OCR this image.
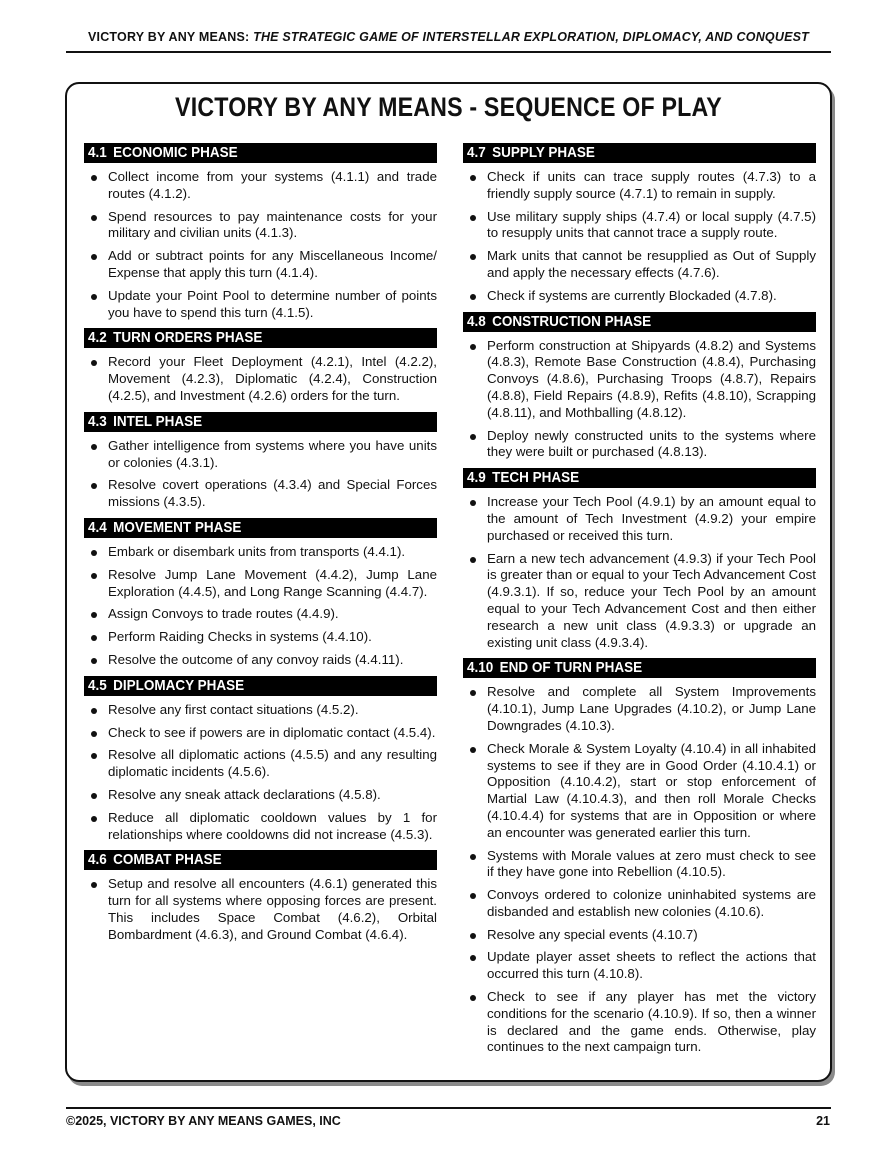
VICTORY BY ANY MEANS: THE STRATEGIC GAME OF INTERSTELLAR EXPLORATION, DIPLOMACY, AND CONQUEST
VICTORY BY ANY MEANS - SEQUENCE OF PLAY
4.1 ECONOMIC PHASE
Collect income from your systems (4.1.1) and trade routes (4.1.2).
Spend resources to pay maintenance costs for your military and civilian units (4.1.3).
Add or subtract points for any Miscellaneous Income/ Expense that apply this turn (4.1.4).
Update your Point Pool to determine number of points you have to spend this turn (4.1.5).
4.2 TURN ORDERS PHASE
Record your Fleet Deployment (4.2.1), Intel (4.2.2), Movement (4.2.3), Diplomatic (4.2.4), Construction (4.2.5), and Investment (4.2.6) orders for the turn.
4.3 INTEL PHASE
Gather intelligence from systems where you have units or colonies (4.3.1).
Resolve covert operations (4.3.4) and Special Forces missions (4.3.5).
4.4 MOVEMENT PHASE
Embark or disembark units from transports (4.4.1).
Resolve Jump Lane Movement (4.4.2), Jump Lane Exploration (4.4.5), and Long Range Scanning (4.4.7).
Assign Convoys to trade routes (4.4.9).
Perform Raiding Checks in systems (4.4.10).
Resolve the outcome of any convoy raids (4.4.11).
4.5 DIPLOMACY PHASE
Resolve any first contact situations (4.5.2).
Check to see if powers are in diplomatic contact (4.5.4).
Resolve all diplomatic actions (4.5.5) and any resulting diplomatic incidents (4.5.6).
Resolve any sneak attack declarations (4.5.8).
Reduce all diplomatic cooldown values by 1 for relationships where cooldowns did not increase (4.5.3).
4.6 COMBAT PHASE
Setup and resolve all encounters (4.6.1) generated this turn for all systems where opposing forces are present. This includes Space Combat (4.6.2), Orbital Bombardment (4.6.3), and Ground Combat (4.6.4).
4.7 SUPPLY PHASE
Check if units can trace supply routes (4.7.3) to a friendly supply source (4.7.1) to remain in supply.
Use military supply ships (4.7.4) or local supply (4.7.5) to resupply units that cannot trace a supply route.
Mark units that cannot be resupplied as Out of Supply and apply the necessary effects (4.7.6).
Check if systems are currently Blockaded (4.7.8).
4.8 CONSTRUCTION PHASE
Perform construction at Shipyards (4.8.2) and Systems (4.8.3), Remote Base Construction (4.8.4), Purchasing Convoys (4.8.6), Purchasing Troops (4.8.7), Repairs (4.8.8), Field Repairs (4.8.9), Refits (4.8.10), Scrapping (4.8.11), and Mothballing (4.8.12).
Deploy newly constructed units to the systems where they were built or purchased (4.8.13).
4.9 TECH PHASE
Increase your Tech Pool (4.9.1) by an amount equal to the amount of Tech Investment (4.9.2) your empire purchased or received this turn.
Earn a new tech advancement (4.9.3) if your Tech Pool is greater than or equal to your Tech Advancement Cost (4.9.3.1). If so, reduce your Tech Pool by an amount equal to your Tech Advancement Cost and then either research a new unit class (4.9.3.3) or upgrade an existing unit class (4.9.3.4).
4.10 END OF TURN PHASE
Resolve and complete all System Improvements (4.10.1), Jump Lane Upgrades (4.10.2), or Jump Lane Downgrades (4.10.3).
Check Morale & System Loyalty (4.10.4) in all inhabited systems to see if they are in Good Order (4.10.4.1) or Opposition (4.10.4.2), start or stop enforcement of Martial Law (4.10.4.3), and then roll Morale Checks (4.10.4.4) for systems that are in Opposition or where an encounter was generated earlier this turn.
Systems with Morale values at zero must check to see if they have gone into Rebellion (4.10.5).
Convoys ordered to colonize uninhabited systems are disbanded and establish new colonies (4.10.6).
Resolve any special events (4.10.7)
Update player asset sheets to reflect the actions that occurred this turn (4.10.8).
Check to see if any player has met the victory conditions for the scenario (4.10.9). If so, then a winner is declared and the game ends. Otherwise, play continues to the next campaign turn.
©2025, VICTORY BY ANY MEANS GAMES, INC	21
